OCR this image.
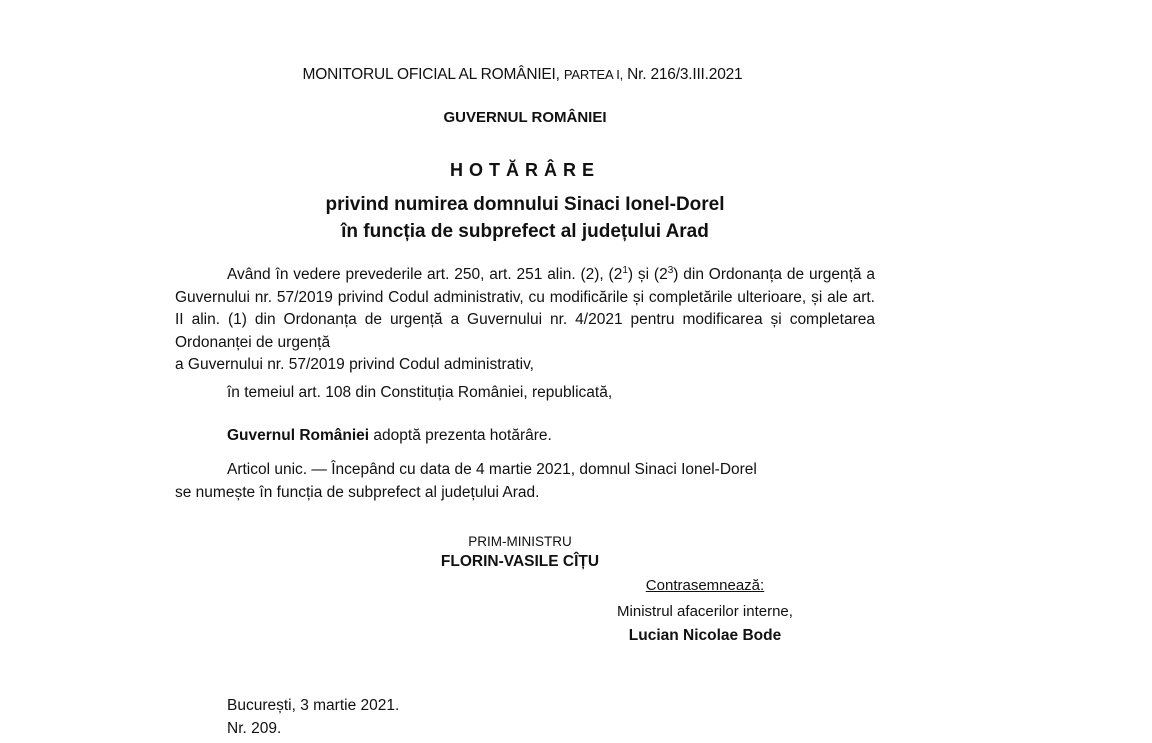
MONITORUL OFICIAL AL ROMÂNIEI, PARTEA I, Nr. 216/3.III.2021
GUVERNUL ROMÂNIEI
HOTĂRÂRE
privind numirea domnului Sinaci Ionel-Dorel
în funcția de subprefect al județului Arad

Având în vedere prevederile art. 250, art. 251 alin. (2), $(2^1)$ și $(2^3)$ din Ordonanța de urgență a Guvernului nr. 57/2019 privind Codul administrativ, cu modificările și completările ulterioare, și ale art. II alin. (1) din Ordonanța de urgență a Guvernului nr. 4/2021 pentru modificarea și completarea Ordonanței de urgență

a Guvernului nr. 57/2019 privind Codul administrativ,

în temeiul art. 108 din Constituția României, republicată,
Guvernul României adoptă prezenta hotărâre.

Articol unic. — Începând cu data de 4 martie 2021, domnul Sinaci Ionel-Dorel

se numește în funcția de subprefect al județului Arad.

PRIM-MINISTRU
FLORIN-VASILE CÎȚU
Contrasemnează:
Ministrul afacerilor interne,
Lucian Nicolae Bode
București, 3 martie 2021.
Nr. 209.
